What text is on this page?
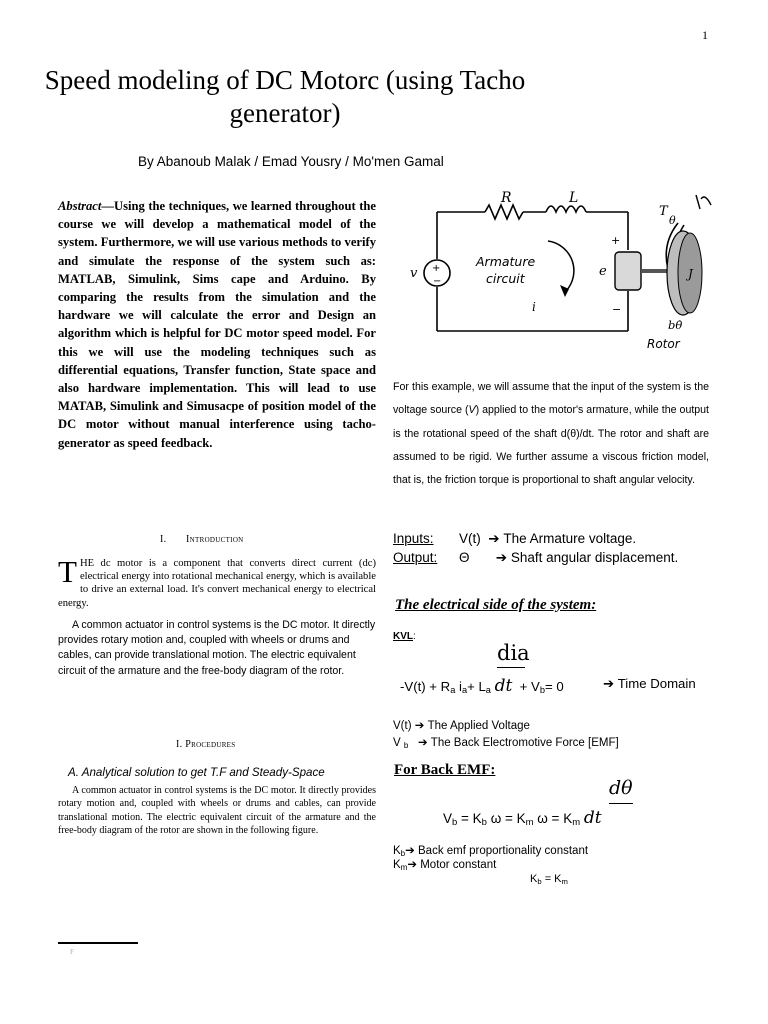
1
Speed modeling of DC Motorc (using Tacho generator)
By Abanoub Malak / Emad Yousry / Mo'men Gamal
Abstract—Using the techniques, we learned throughout the course we will develop a mathematical model of the system. Furthermore, we will use various methods to verify and simulate the response of the system such as: MATLAB, Simulink, Sims cape and Arduino. By comparing the results from the simulation and the hardware we will calculate the error and Design an algorithm which is helpful for DC motor speed model. For this we will use the modeling techniques such as differential equations, Transfer function, State space and also hardware implementation. This will lead to use MATAB, Simulink and Simusacpe of position model of the DC motor without manual interference using tacho-generator as speed feedback.
R	L
v +
−
Armature
circuit
i
e
+
−
T
θ
J
bθ̇
Rotor
For this example, we will assume that the input of the system is the voltage source (V) applied to the motor's armature, while the output is the rotational speed of the shaft d(θ)/dt. The rotor and shaft are assumed to be rigid. We further assume a viscous friction model, that is, the friction torque is proportional to shaft angular velocity.
I. Introduction
THE dc motor is a component that converts direct current (dc) electrical energy into rotational mechanical energy, which is available to drive an external load. It's convert mechanical energy to electrical energy.
A common actuator in control systems is the DC motor. It directly provides rotary motion and, coupled with wheels or drums and cables, can provide translational motion. The electric equivalent circuit of the armature and the free-body diagram of the rotor.
I. Procedures
A. Analytical solution to get T.F and Steady-Space
A common actuator in control systems is the DC motor. It directly provides rotary motion and, coupled with wheels or drums and cables, can provide translational motion. The electric equivalent circuit of the armature and the free-body diagram of the rotor are shown in the following figure.
Inputs: V(t) ➔ The Armature voltage.
Output: Θ ➔ Shaft angular displacement.
The electrical side of the system:
KVL:
dia
$-V(t) + R_a$ $i_a+ L_a$ dt + $V_b= 0$	➔ Time Domain
V(t) ➔ The Applied Voltage
V $_b$ ➔ The Back Electromotive Force [EMF]
For Back EMF:
dθ
$V_b = K_b$ $\omega = K_m$ $\omega = K_m$ dt
$K_b➔$ Back emf proportionality constant
$K_m➔$ Motor constant
$K_b = K_m$
F
